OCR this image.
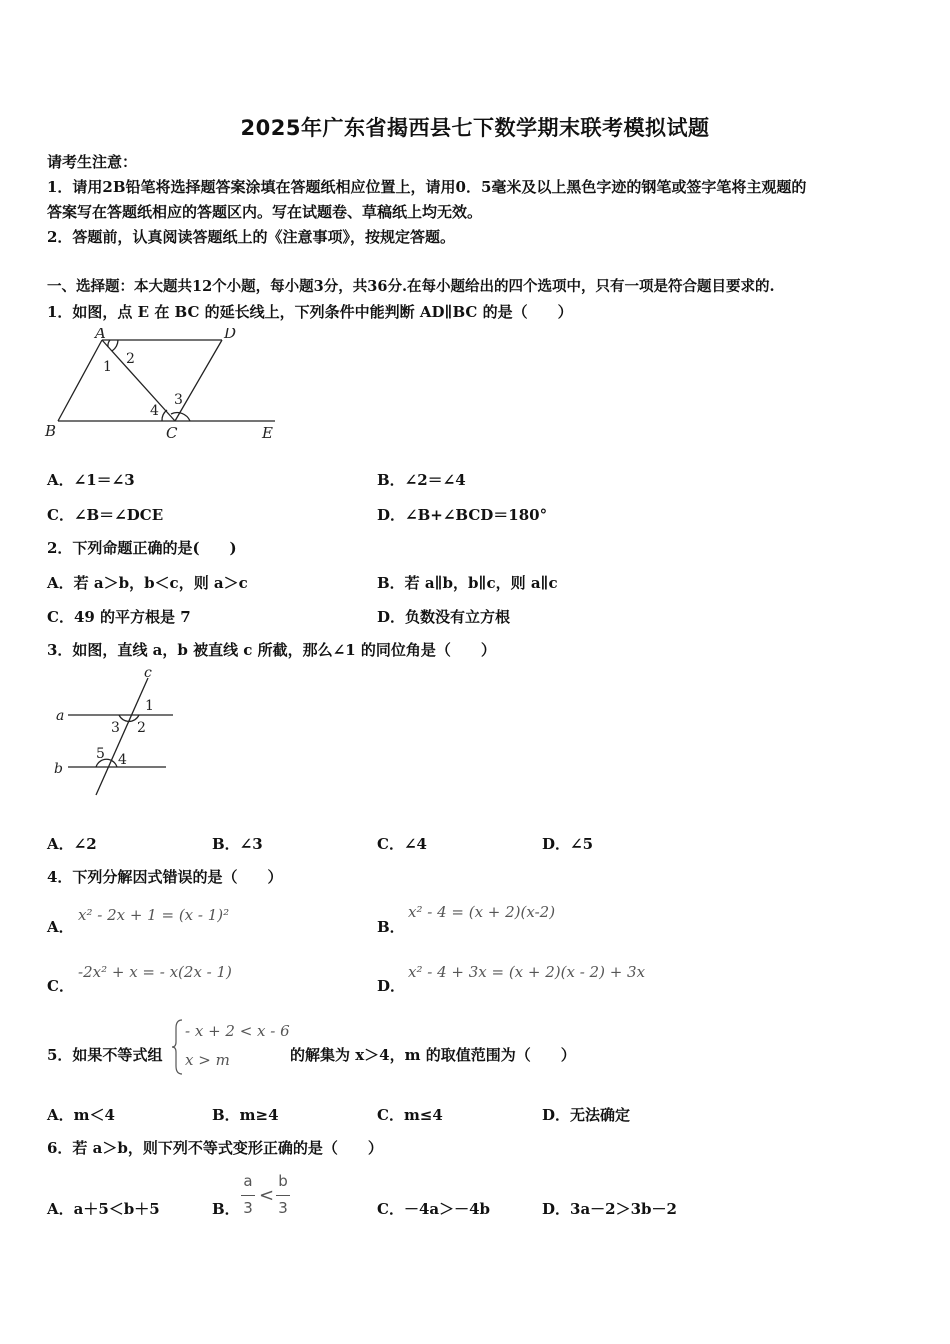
2025年广东省揭西县七下数学期末联考模拟试题
请考生注意：
1．请用2B铅笔将选择题答案涂填在答题纸相应位置上，请用0．5毫米及以上黑色字迹的钢笔或签字笔将主观题的
答案写在答题纸相应的答题区内。写在试题卷、草稿纸上均无效。
2．答题前，认真阅读答题纸上的《注意事项》，按规定答题。
一、选择题：本大题共12个小题，每小题3分，共36分.在每小题给出的四个选项中，只有一项是符合题目要求的.
1．如图，点 E 在 BC 的延长线上，下列条件中能判断 AD∥BC 的是（　　）
A	D
B	C	E
1 2
3
4
A．∠1＝∠3	B．∠2＝∠4
C．∠B＝∠DCE	D．∠B+∠BCD＝180°
2．下列命题正确的是(　　)
A．若 a＞b，b＜c，则 a＞c	B．若 a∥b，b∥c，则 a∥c
C．49 的平方根是 7	D．负数没有立方根
3．如图，直线 a，b 被直线 c 所截，那么∠1 的同位角是（　　）
a
b
c
1
2
3
4
5
A．∠2	B．∠3	C．∠4	D．∠5
4．下列分解因式错误的是（　　）
A．
x² - 2x + 1 = (x - 1)²
B．
x² - 4 = (x + 2)(x-2)
C．
-2x² + x = - x(2x - 1)
D．
x² - 4 + 3x = (x + 2)(x - 2) + 3x
5．如果不等式组
- x + 2 < x - 6
x > m	的解集为 x＞4，m 的取值范围为（　　）
A．m＜4	B．m≥4	C．m≤4	D．无法确定
6．若 a＞b，则下列不等式变形正确的是（　　）
A．a＋5＜b＋5	B．
a
3
<
b
3	C．－4a＞－4b	D．3a－2＞3b－2
